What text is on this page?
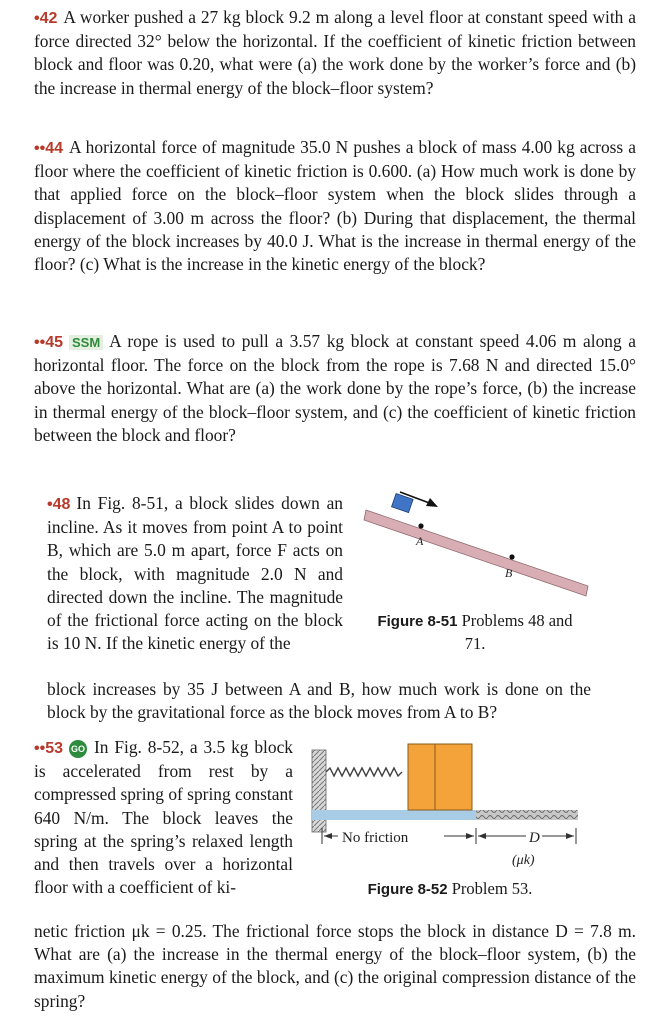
•42 A worker pushed a 27 kg block 9.2 m along a level floor at constant speed with a force directed 32° below the horizontal. If the coefficient of kinetic friction between block and floor was 0.20, what were (a) the work done by the worker’s force and (b) the increase in thermal energy of the block–floor system?

••44 A horizontal force of magnitude 35.0 N pushes a block of mass 4.00 kg across a floor where the coefficient of kinetic friction is 0.600. (a) How much work is done by that applied force on the block–floor system when the block slides through a displacement of 3.00 m across the floor? (b) During that displacement, the thermal energy of the block increases by 40.0 J. What is the increase in thermal energy of the floor? (c) What is the increase in the kinetic energy of the block?

••45 SSM A rope is used to pull a 3.57 kg block at constant speed 4.06 m along a horizontal floor. The force on the block from the rope is 7.68 N and directed 15.0° above the horizontal. What are (a) the work done by the rope’s force, (b) the increase in thermal energy of the block–floor system, and (c) the coefficient of kinetic friction between the block and floor?

•48 In Fig. 8-51, a block slides down an incline. As it moves from point A to point B, which are 5.0 m apart, force F acts on the block, with magnitude 2.0 N and directed down the incline. The magnitude of the frictional force acting on the block is 10 N. If the kinetic energy of the

block increases by 35 J between A and B, how much work is done on the block by the gravitational force as the block moves from A to B?
A
B
Figure 8-51 Problems 48 and 71.

••53 GO In Fig. 8-52, a 3.5 kg block is accelerated from rest by a compressed spring of spring constant 640 N/m. The block leaves the spring at the spring’s relaxed length and then travels over a horizontal floor with a coefficient of ki-

netic friction μk = 0.25. The frictional force stops the block in distance D = 7.8 m. What are (a) the increase in the thermal energy of the block–floor system, (b) the maximum kinetic energy of the block, and (c) the original compression distance of the spring?
No friction	D
(μk)
Figure 8-52 Problem 53.
